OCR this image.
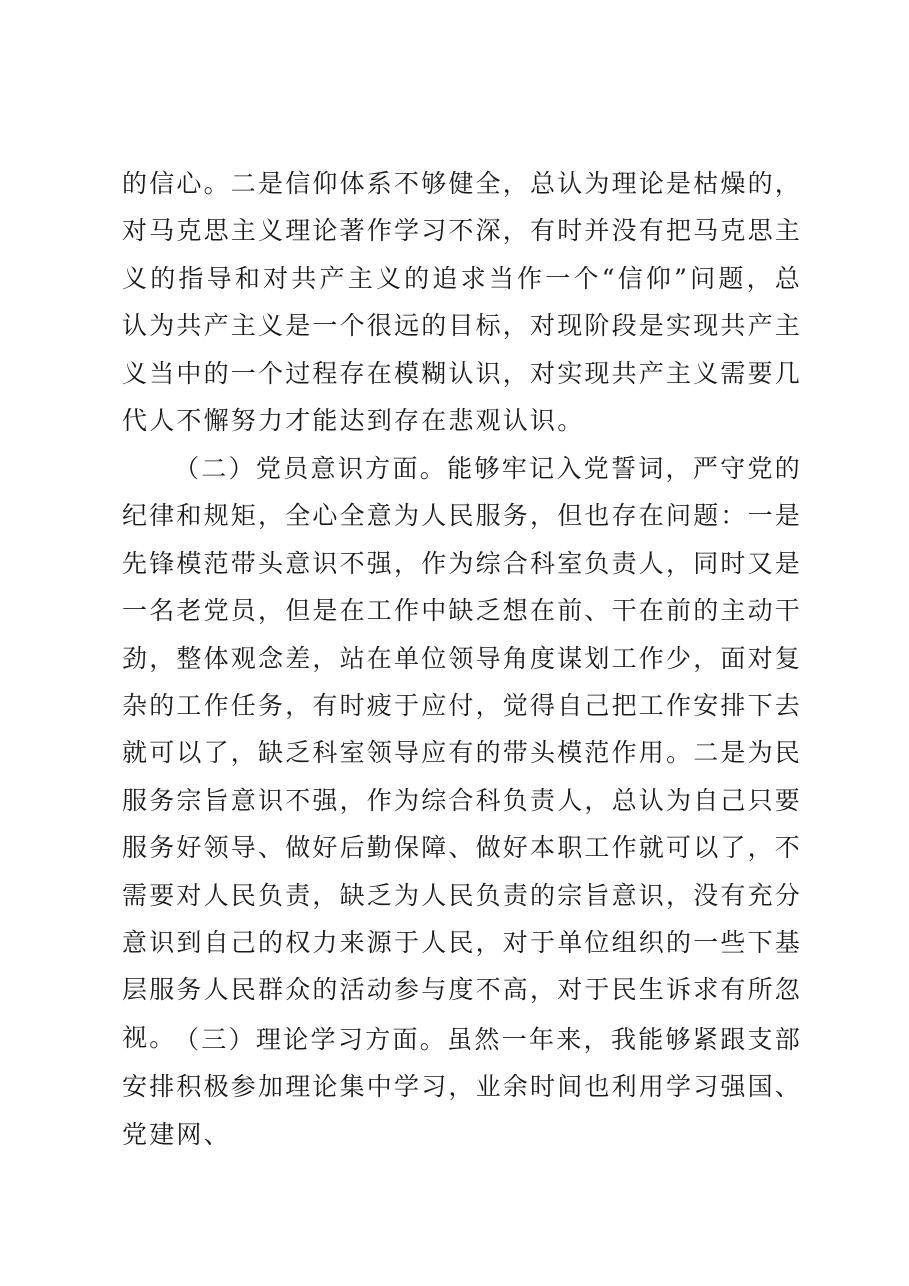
的信心。二是信仰体系不够健全，总认为理论是枯燥的，对马克思主义理论著作学习不深，有时并没有把马克思主义的指导和对共产主义的追求当作一个“信仰”问题，总认为共产主义是一个很远的目标，对现阶段是实现共产主义当中的一个过程存在模糊认识，对实现共产主义需要几代人不懈努力才能达到存在悲观认识。

（二）党员意识方面。能够牢记入党誓词，严守党的纪律和规矩，全心全意为人民服务，但也存在问题：一是先锋模范带头意识不强，作为综合科室负责人，同时又是一名老党员，但是在工作中缺乏想在前、干在前的主动干劲，整体观念差，站在单位领导角度谋划工作少，面对复杂的工作任务，有时疲于应付，觉得自己把工作安排下去就可以了，缺乏科室领导应有的带头模范作用。二是为民服务宗旨意识不强，作为综合科负责人，总认为自己只要服务好领导、做好后勤保障、做好本职工作就可以了，不需要对人民负责，缺乏为人民负责的宗旨意识，没有充分意识到自己的权力来源于人民，对于单位组织的一些下基层服务人民群众的活动参与度不高，对于民生诉求有所忽视。

（三）理论学习方面。虽然一年来，我能够紧跟支部安排积极参加理论集中学习，业余时间也利用学习强国、党建网、
